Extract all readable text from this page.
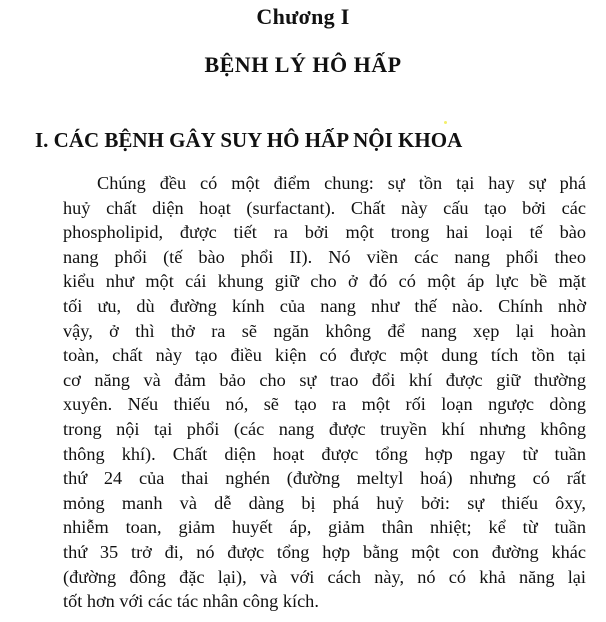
Chương I
BỆNH LÝ HÔ HẤP
I. CÁC BỆNH GÂY SUY HÔ HẤP NỘI KHOA
Chúng đều có một điểm chung: sự tồn tại hay sự phá
huỷ chất diện hoạt (surfactant). Chất này cấu tạo bởi các
phospholipid, được tiết ra bởi một trong hai loại tế bào
nang phổi (tế bào phổi II). Nó viền các nang phổi theo
kiểu như một cái khung giữ cho ở đó có một áp lực bề mặt
tối ưu, dù đường kính của nang như thế nào. Chính nhờ
vậy, ở thì thở ra sẽ ngăn không để nang xẹp lại hoàn
toàn, chất này tạo điều kiện có được một dung tích tồn tại
cơ năng và đảm bảo cho sự trao đổi khí được giữ thường
xuyên. Nếu thiếu nó, sẽ tạo ra một rối loạn ngược dòng
trong nội tại phổi (các nang được truyền khí nhưng không
thông khí). Chất diện hoạt được tổng hợp ngay từ tuần
thứ 24 của thai nghén (đường meltyl hoá) nhưng có rất
mỏng manh và dễ dàng bị phá huỷ bởi: sự thiếu ôxy,
nhiễm toan, giảm huyết áp, giảm thân nhiệt; kể từ tuần
thứ 35 trở đi, nó được tổng hợp bằng một con đường khác
(đường đông đặc lại), và với cách này, nó có khả năng lại
tốt hơn với các tác nhân công kích.
